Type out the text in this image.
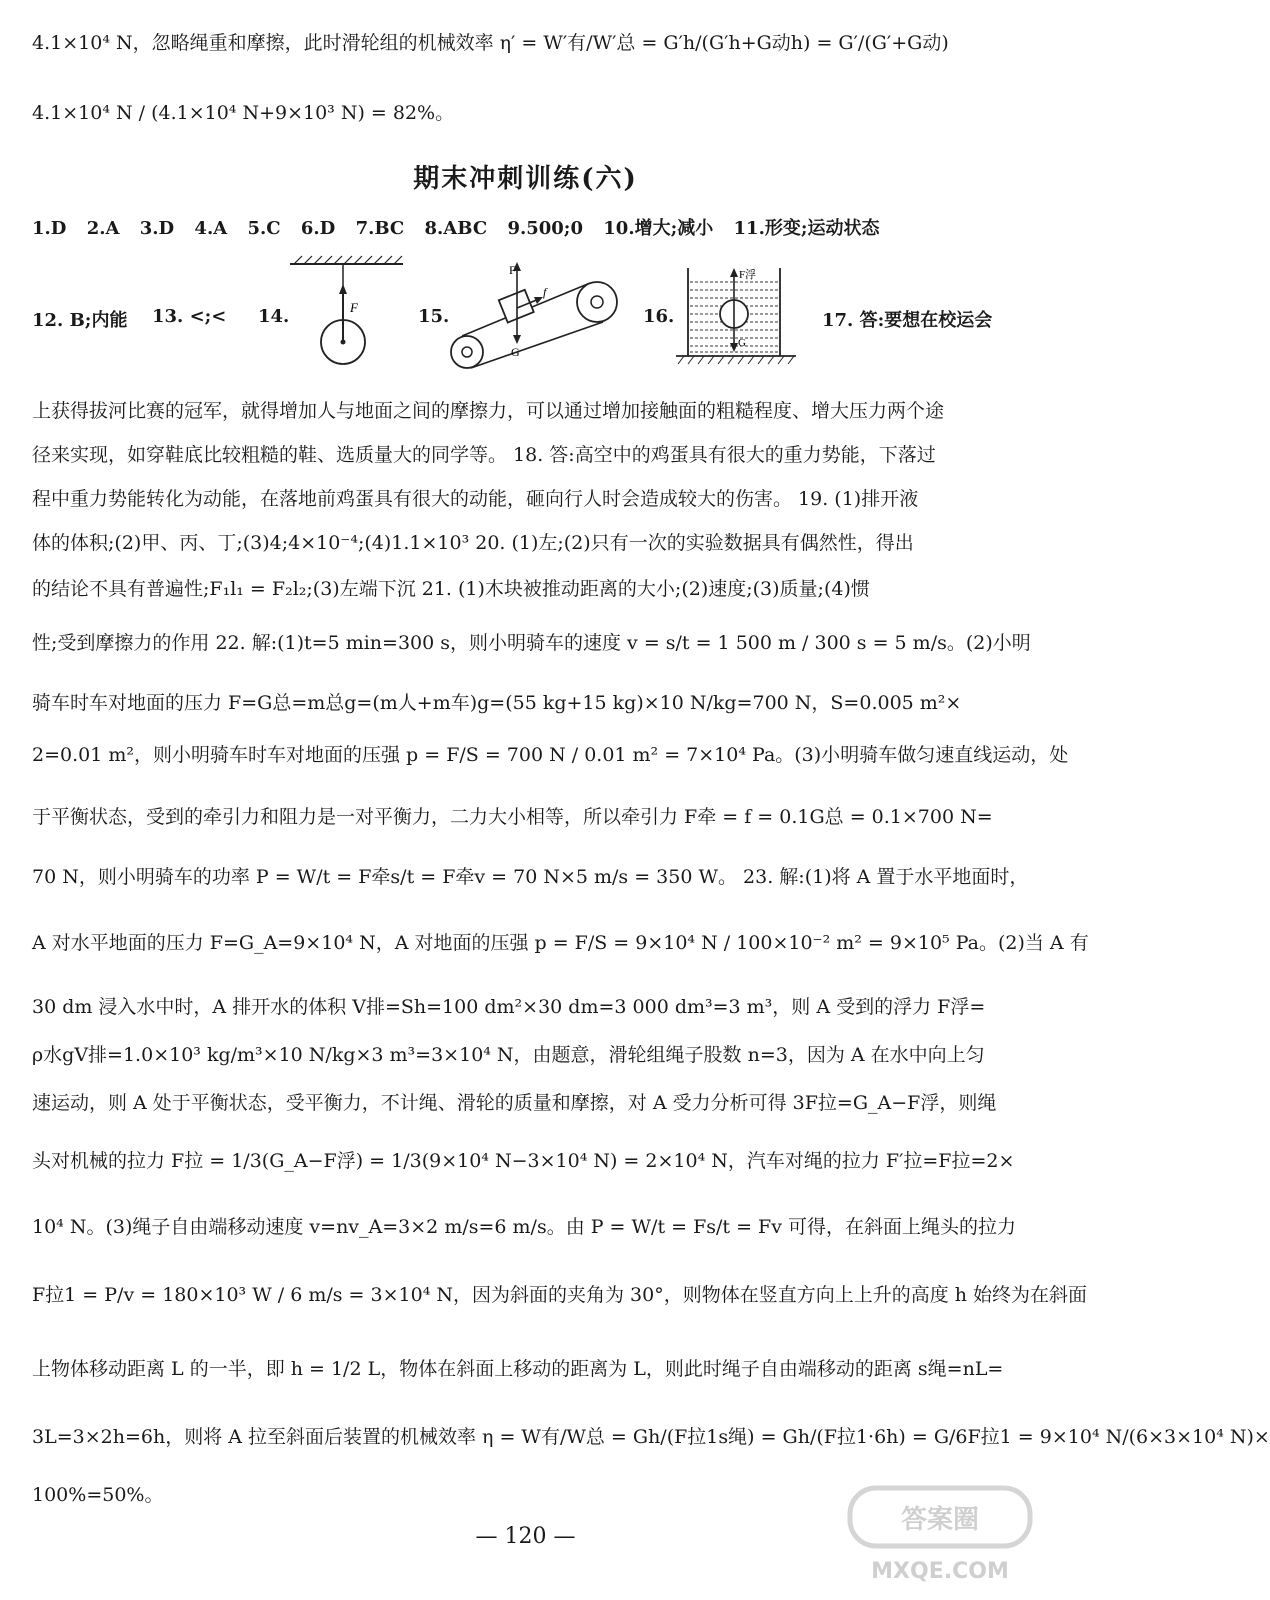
4.1×10⁴ N，忽略绳重和摩擦，此时滑轮组的机械效率 η′ = W′有/W′总 = G′h/(G′h+G动h) = G′/(G′+G动)
4.1×10⁴ N / (4.1×10⁴ N+9×10³ N) = 82%。
期末冲刺训练(六)
1.D 2.A 3.D 4.A 5.C 6.D 7.BC 8.ABC 9.500;0 10.增大;减小 11.形变;运动状态
12. B;内能 13. <;< 14.	15.	16.	17. 答:要想在校运会
F
F
f
G
F浮
G
上获得拔河比赛的冠军，就得增加人与地面之间的摩擦力，可以通过增加接触面的粗糙程度、增大压力两个途
径来实现，如穿鞋底比较粗糙的鞋、选质量大的同学等。 18. 答:高空中的鸡蛋具有很大的重力势能，下落过
程中重力势能转化为动能，在落地前鸡蛋具有很大的动能，砸向行人时会造成较大的伤害。 19. (1)排开液
体的体积;(2)甲、丙、丁;(3)4;4×10⁻⁴;(4)1.1×10³ 20. (1)左;(2)只有一次的实验数据具有偶然性，得出
的结论不具有普遍性;F₁l₁ = F₂l₂;(3)左端下沉 21. (1)木块被推动距离的大小;(2)速度;(3)质量;(4)惯
性;受到摩擦力的作用 22. 解:(1)t=5 min=300 s，则小明骑车的速度 v = s/t = 1 500 m / 300 s = 5 m/s。(2)小明
骑车时车对地面的压力 F=G总=m总g=(m人+m车)g=(55 kg+15 kg)×10 N/kg=700 N，S=0.005 m²×
2=0.01 m²，则小明骑车时车对地面的压强 p = F/S = 700 N / 0.01 m² = 7×10⁴ Pa。(3)小明骑车做匀速直线运动，处
于平衡状态，受到的牵引力和阻力是一对平衡力，二力大小相等，所以牵引力 F牵 = f = 0.1G总 = 0.1×700 N=
70 N，则小明骑车的功率 P = W/t = F牵s/t = F牵v = 70 N×5 m/s = 350 W。 23. 解:(1)将 A 置于水平地面时，
A 对水平地面的压力 F=G_A=9×10⁴ N，A 对地面的压强 p = F/S = 9×10⁴ N / 100×10⁻² m² = 9×10⁵ Pa。(2)当 A 有
30 dm 浸入水中时，A 排开水的体积 V排=Sh=100 dm²×30 dm=3 000 dm³=3 m³，则 A 受到的浮力 F浮=
ρ水gV排=1.0×10³ kg/m³×10 N/kg×3 m³=3×10⁴ N，由题意，滑轮组绳子股数 n=3，因为 A 在水中向上匀
速运动，则 A 处于平衡状态，受平衡力，不计绳、滑轮的质量和摩擦，对 A 受力分析可得 3F拉=G_A−F浮，则绳
头对机械的拉力 F拉 = 1/3(G_A−F浮) = 1/3(9×10⁴ N−3×10⁴ N) = 2×10⁴ N，汽车对绳的拉力 F′拉=F拉=2×
10⁴ N。(3)绳子自由端移动速度 v=nv_A=3×2 m/s=6 m/s。由 P = W/t = Fs/t = Fv 可得，在斜面上绳头的拉力
F拉1 = P/v = 180×10³ W / 6 m/s = 3×10⁴ N，因为斜面的夹角为 30°，则物体在竖直方向上上升的高度 h 始终为在斜面
上物体移动距离 L 的一半，即 h = 1/2 L，物体在斜面上移动的距离为 L，则此时绳子自由端移动的距离 s绳=nL=
3L=3×2h=6h，则将 A 拉至斜面后装置的机械效率 η = W有/W总 = Gh/(F拉1s绳) = Gh/(F拉1·6h) = G/6F拉1 = 9×10⁴ N/(6×3×10⁴ N)×
100%=50%。
— 120 —
答案圈
MXQE.COM
